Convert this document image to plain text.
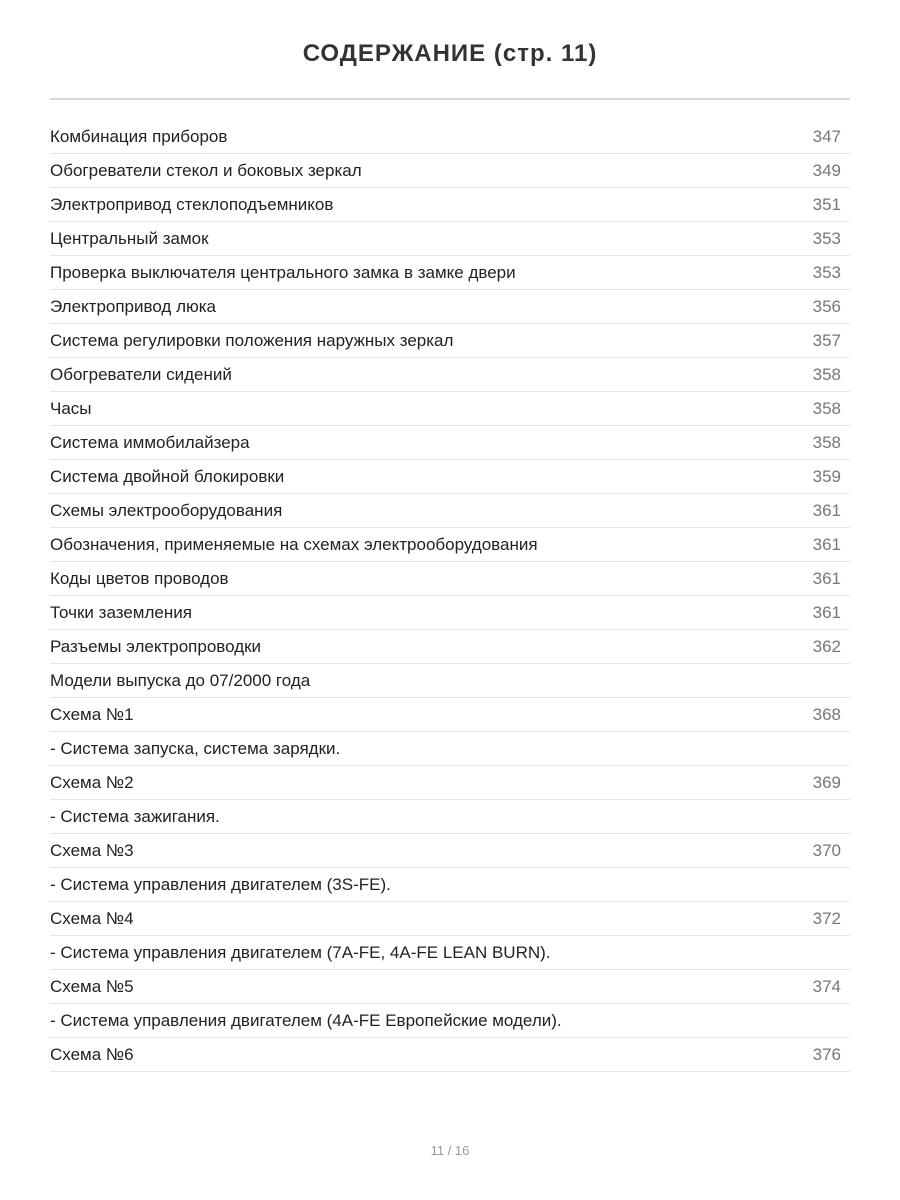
СОДЕРЖАНИЕ (стр. 11)
Комбинация приборов	347
Обогреватели стекол и боковых зеркал	349
Электропривод стеклоподъемников	351
Центральный замок	353
Проверка выключателя центрального замка в замке двери	353
Электропривод люка	356
Система регулировки положения наружных зеркал	357
Обогреватели сидений	358
Часы	358
Система иммобилайзера	358
Система двойной блокировки	359
Схемы электрооборудования	361
Обозначения, применяемые на схемах электрооборудования	361
Коды цветов проводов	361
Точки заземления	361
Разъемы электропроводки	362
Модели выпуска до 07/2000 года
Схема №1	368
- Система запуска, система зарядки.
Схема №2	369
- Система зажигания.
Схема №3	370
- Система управления двигателем (3S-FE).
Схема №4	372
- Система управления двигателем (7A-FE, 4A-FE LEAN BURN).
Схема №5	374
- Система управления двигателем (4A-FE Европейские модели).
Схема №6	376
11 / 16
